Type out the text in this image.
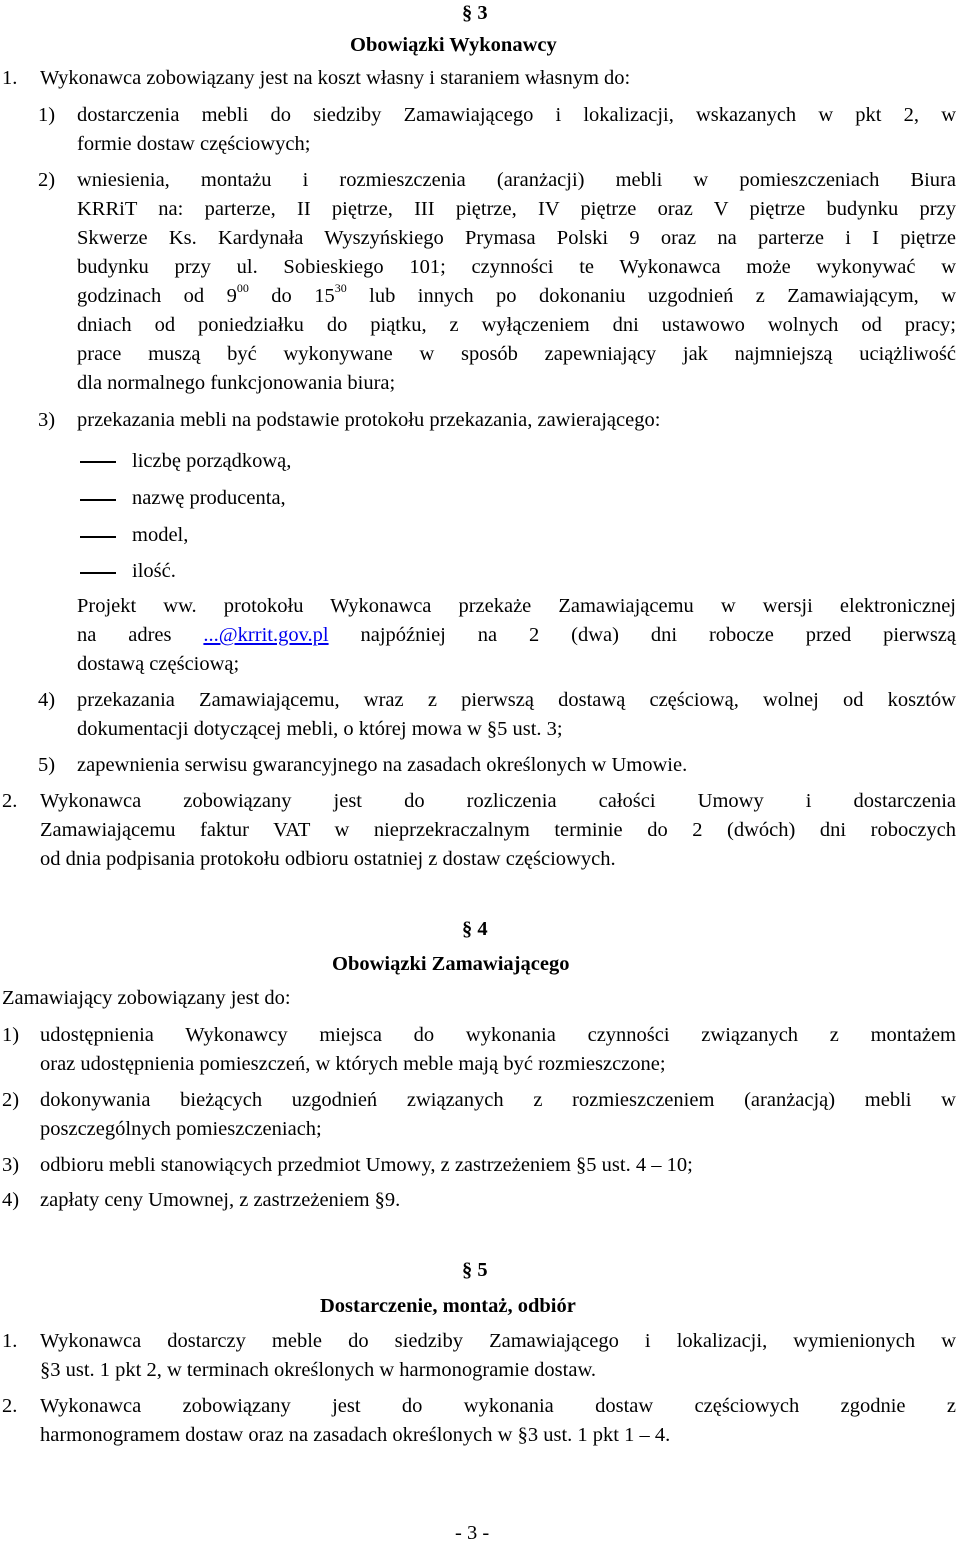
§ 3
Obowiązki Wykonawcy
1. Wykonawca zobowiązany jest na koszt własny i staraniem własnym do:
1) dostarczenia mebli do siedziby Zamawiającego i lokalizacji, wskazanych w pkt 2, w
formie dostaw częściowych;
2) wniesienia, montażu i rozmieszczenia (aranżacji) mebli w pomieszczeniach Biura
KRRiT na: parterze, II piętrze, III piętrze, IV piętrze oraz V piętrze budynku przy
Skwerze Ks. Kardynała Wyszyńskiego Prymasa Polski 9 oraz na parterze i I piętrze
budynku przy ul. Sobieskiego 101; czynności te Wykonawca może wykonywać w
godzinach od $9^{00}$ do $15^{30}$ lub innych po dokonaniu uzgodnień z Zamawiającym, w
dniach od poniedziałku do piątku, z wyłączeniem dni ustawowo wolnych od pracy;
prace muszą być wykonywane w sposób zapewniający jak najmniejszą uciążliwość
dla normalnego funkcjonowania biura;
3) przekazania mebli na podstawie protokołu przekazania, zawierającego:
liczbę porządkową,
nazwę producenta,
model,
ilość.
Projekt ww. protokołu Wykonawca przekaże Zamawiającemu w wersji elektronicznej
na adres ...@krrit.gov.pl najpóźniej na 2 (dwa) dni robocze przed pierwszą
dostawą częściową;
4) przekazania Zamawiającemu, wraz z pierwszą dostawą częściową, wolnej od kosztów
dokumentacji dotyczącej mebli, o której mowa w §5 ust. 3;
5) zapewnienia serwisu gwarancyjnego na zasadach określonych w Umowie.
2. Wykonawca zobowiązany jest do rozliczenia całości Umowy i dostarczenia
Zamawiającemu faktur VAT w nieprzekraczalnym terminie do 2 (dwóch) dni roboczych
od dnia podpisania protokołu odbioru ostatniej z dostaw częściowych.
§ 4
Obowiązki Zamawiającego
Zamawiający zobowiązany jest do:
1) udostępnienia Wykonawcy miejsca do wykonania czynności związanych z montażem
oraz udostępnienia pomieszczeń, w których meble mają być rozmieszczone;
2) dokonywania bieżących uzgodnień związanych z rozmieszczeniem (aranżacją) mebli w
poszczególnych pomieszczeniach;
3) odbioru mebli stanowiących przedmiot Umowy, z zastrzeżeniem §5 ust. 4 – 10;
4) zapłaty ceny Umownej, z zastrzeżeniem §9.
§ 5
Dostarczenie, montaż, odbiór
1. Wykonawca dostarczy meble do siedziby Zamawiającego i lokalizacji, wymienionych w
§3 ust. 1 pkt 2, w terminach określonych w harmonogramie dostaw.
2. Wykonawca zobowiązany jest do wykonania dostaw częściowych zgodnie z
harmonogramem dostaw oraz na zasadach określonych w §3 ust. 1 pkt 1 – 4.
- 3 -
